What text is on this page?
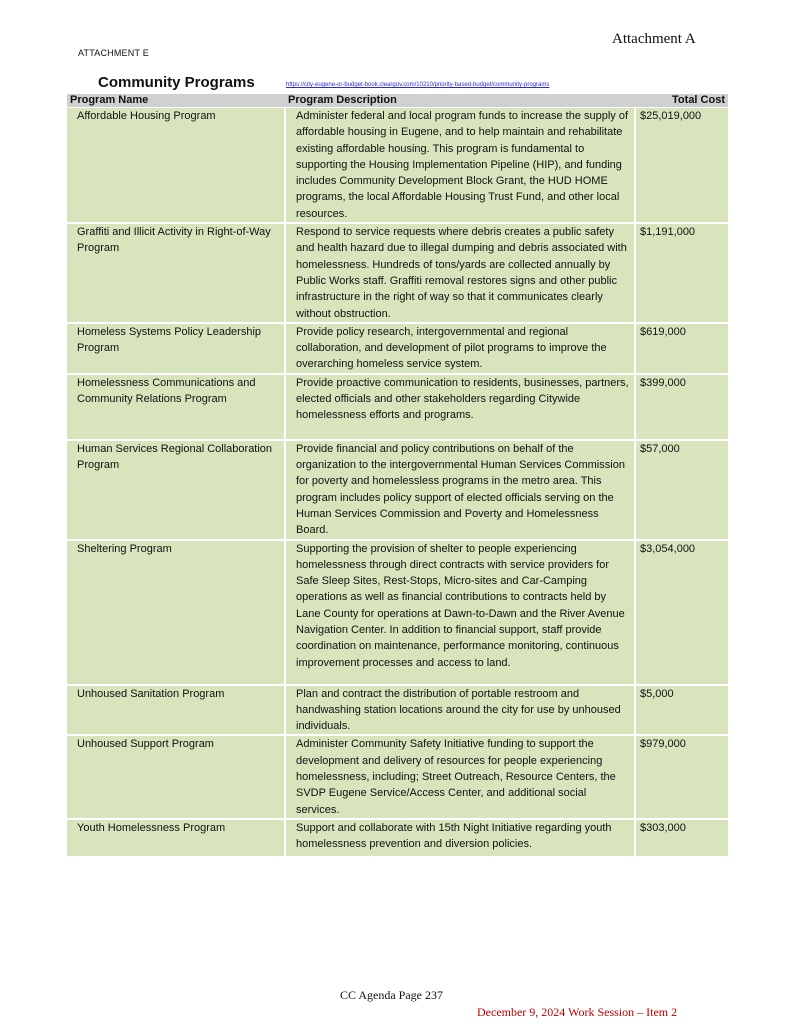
Attachment A
ATTACHMENT E
Community Programs	https://city-eugene-or-budget-book.cleargov.com/10210/priority-based-budget/community-programs
Program Name	Program Description	Total Cost
Affordable Housing Program	Administer federal and local program funds to increase the supply of affordable housing in Eugene, and to help maintain and rehabilitate existing affordable housing. This program is fundamental to supporting the Housing Implementation Pipeline (HIP), and funding includes Community Development Block Grant, the HUD HOME programs, the local Affordable Housing Trust Fund, and other local resources.	$25,019,000
Graffiti and Illicit Activity in Right-of-Way Program	Respond to service requests where debris creates a public safety and health hazard due to illegal dumping and debris associated with homelessness. Hundreds of tons/yards are collected annually by Public Works staff. Graffiti removal restores signs and other public infrastructure in the right of way so that it communicates clearly without obstruction.	$1,191,000
Homeless Systems Policy Leadership Program	Provide policy research, intergovernmental and regional collaboration, and development of pilot programs to improve the overarching homeless service system.	$619,000
Homelessness Communications and Community Relations Program	Provide proactive communication to residents, businesses, partners, elected officials and other stakeholders regarding Citywide homelessness efforts and programs.	$399,000
Human Services Regional Collaboration Program	Provide financial and policy contributions on behalf of the organization to the intergovernmental Human Services Commission for poverty and homelessless programs in the metro area. This program includes policy support of elected officials serving on the Human Services Commission and Poverty and Homelessness Board.	$57,000
Sheltering Program	Supporting the provision of shelter to people experiencing homelessness through direct contracts with service providers for Safe Sleep Sites, Rest-Stops, Micro-sites and Car-Camping operations as well as financial contributions to contracts held by Lane County for operations at Dawn-to-Dawn and the River Avenue Navigation Center. In addition to financial support, staff provide coordination on maintenance, performance monitoring, continuous improvement processes and access to land.	$3,054,000
Unhoused Sanitation Program	Plan and contract the distribution of portable restroom and handwashing station locations around the city for use by unhoused individuals.	$5,000
Unhoused Support Program	Administer Community Safety Initiative funding to support the development and delivery of resources for people experiencing homelessness, including; Street Outreach, Resource Centers, the SVDP Eugene Service/Access Center, and additional social services.	$979,000
Youth Homelessness Program	Support and collaborate with 15th Night Initiative regarding youth homelessness prevention and diversion policies.	$303,000
CC Agenda Page 237
December 9, 2024 Work Session – Item 2
